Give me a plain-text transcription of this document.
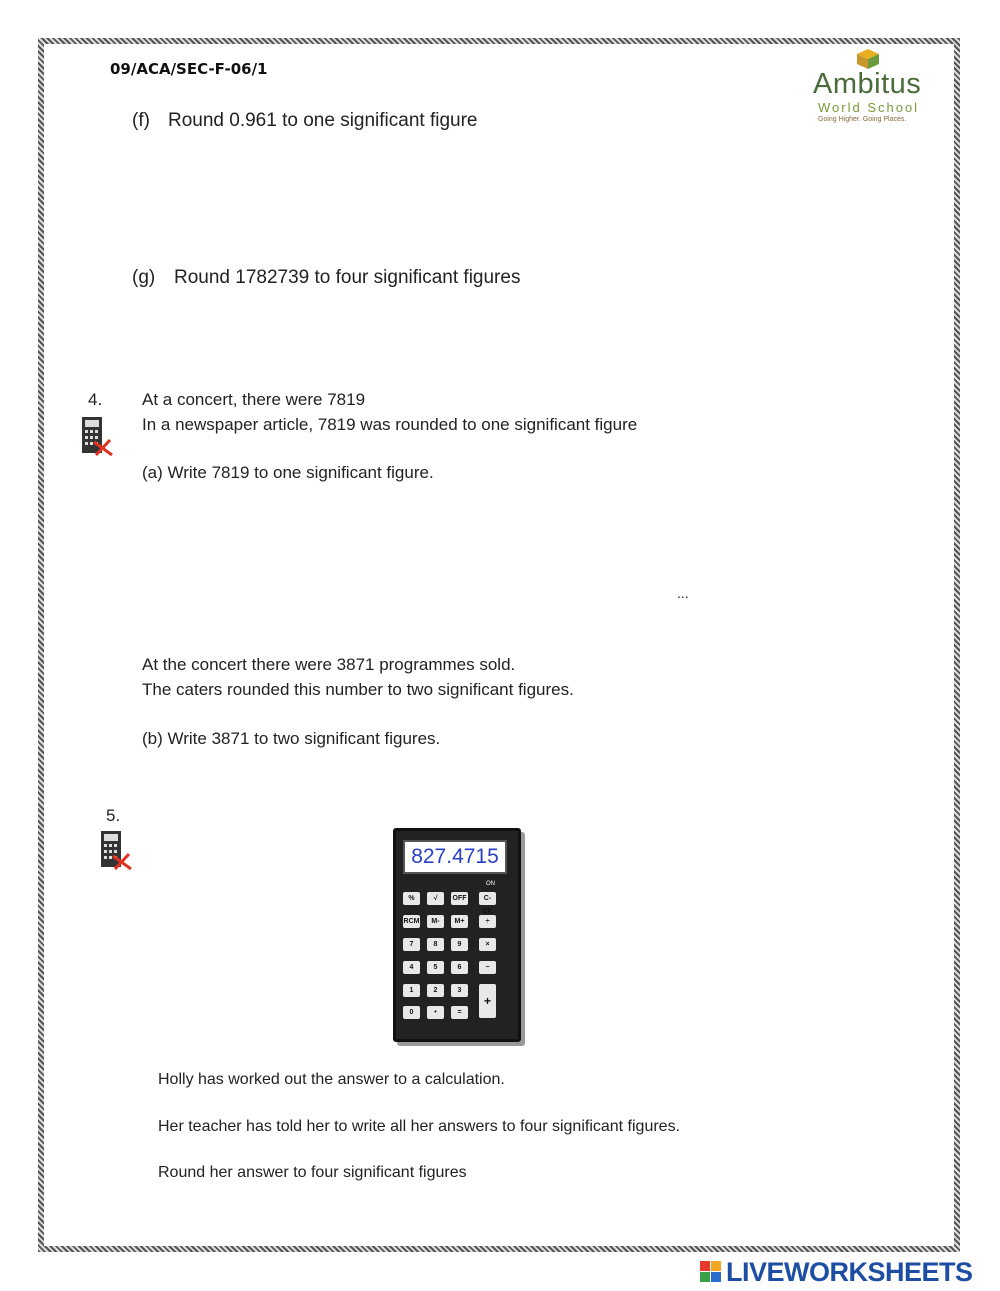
09/ACA/SEC-F-06/1	Ambitus
World School
Going Higher. Going Places.
(f) Round 0.961 to one significant figure
(g) Round 1782739 to four significant figures
4. At a concert, there were 7819
In a newspaper article, 7819 was rounded to one significant figure
(a) Write 7819 to one significant figure.
...
At the concert there were 3871 programmes sold.
The caters rounded this number to two significant figures.
(b) Write 3871 to two significant figures.
5.
827.4715
ON
%	√	OFF	C-CE
RCM	M-	M+	÷
7	8	9	×
4	5	6	−
1	2	3
+
0	•	=
Holly has worked out the answer to a calculation.
Her teacher has told her to write all her answers to four significant figures.
Round her answer to four significant figures
LIVEWORKSHEETS
